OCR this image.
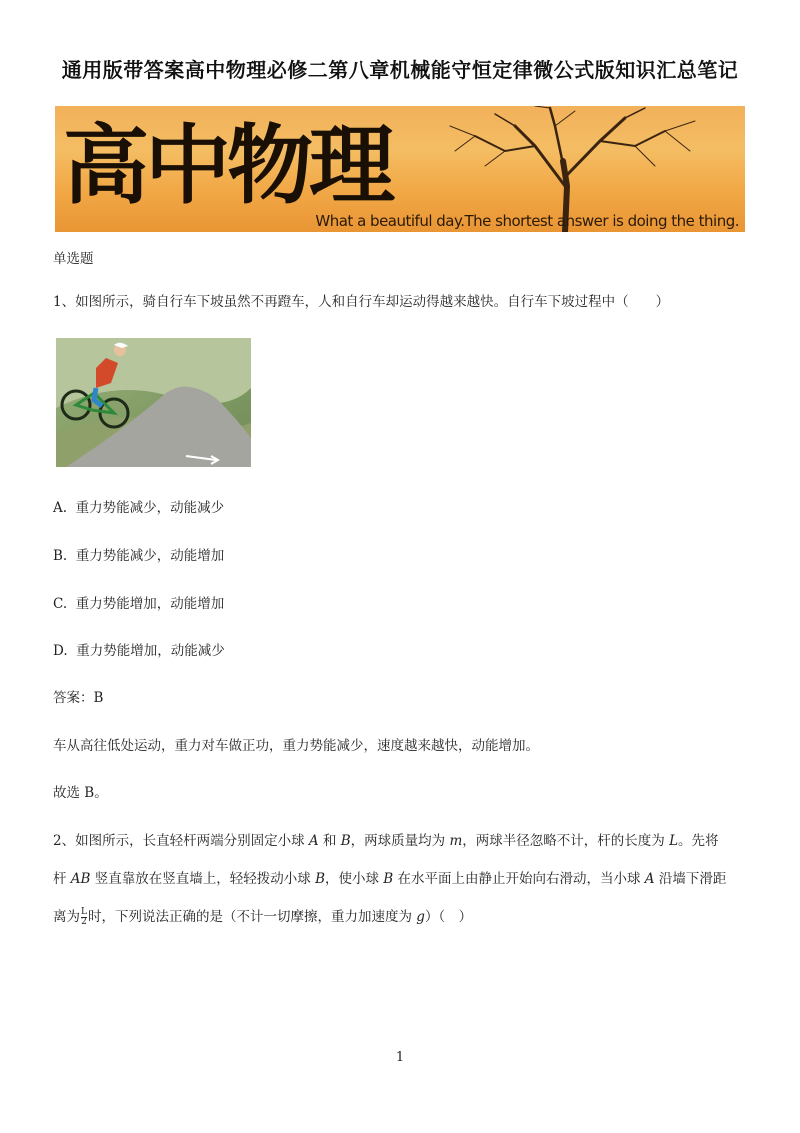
通用版带答案高中物理必修二第八章机械能守恒定律微公式版知识汇总笔记
高中物理
What a beautiful day.The shortest answer is doing the thing.
单选题
1、如图所示，骑自行车下坡虽然不再蹬车，人和自行车却运动得越来越快。自行车下坡过程中（　　）
A. 重力势能减少，动能减少
B. 重力势能减少，动能增加
C. 重力势能增加，动能增加
D. 重力势能增加，动能减少
答案：B
车从高往低处运动，重力对车做正功，重力势能减少，速度越来越快，动能增加。
故选 B。
2、如图所示，长直轻杆两端分别固定小球 A 和 B，两球质量均为 m，两球半径忽略不计，杆的长度为 L。先将
杆 AB 竖直靠放在竖直墙上，轻轻拨动小球 B，使小球 B 在水平面上由静止开始向右滑动，当小球 A 沿墙下滑距
离为 $\frac{L}{2}$ 时，下列说法正确的是（不计一切摩擦，重力加速度为 g）（　）
1
